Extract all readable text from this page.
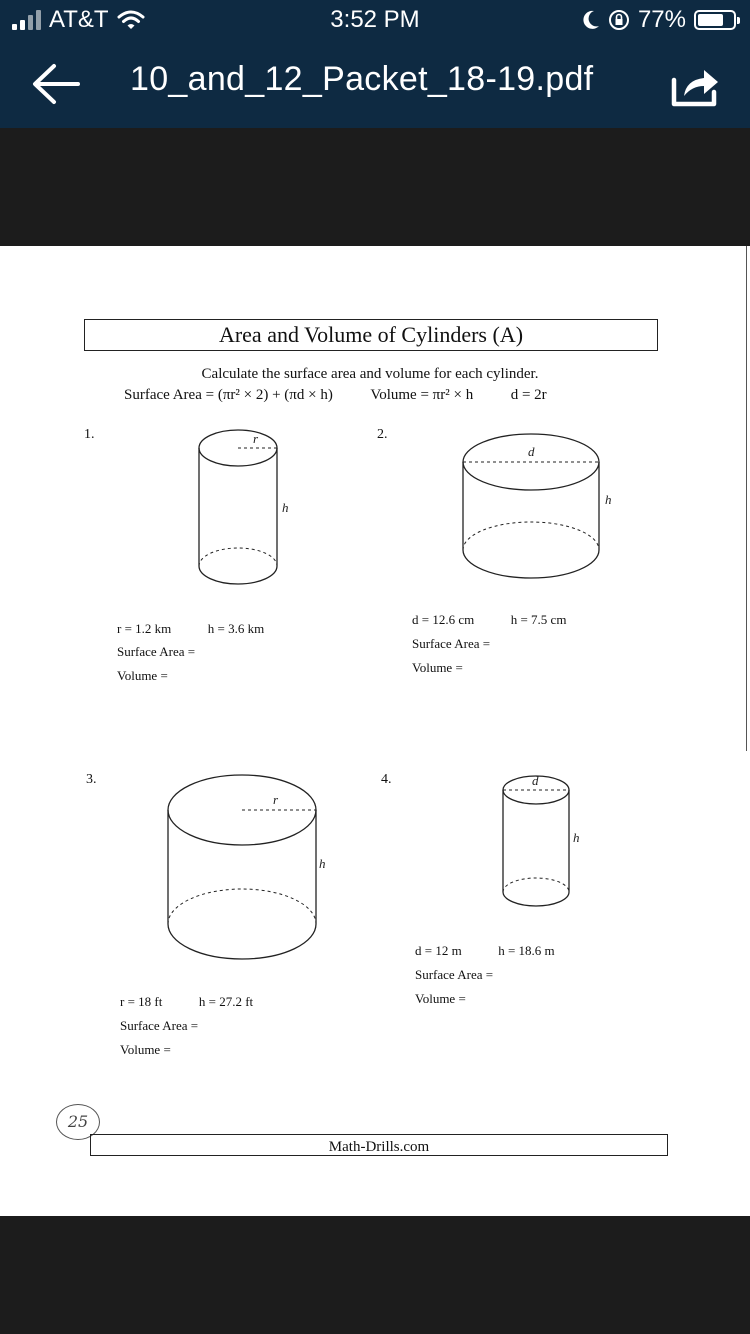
AT&T	3:52 PM	77%
10_and_12_Packet_18-19.pdf
Area and Volume of Cylinders (A)
Calculate the surface area and volume for each cylinder.
Surface Area = (πr² × 2) + (πd × h)	Volume = πr² × h	d = 2r
1.	r
h
r = 1.2 km	h = 3.6 km
Surface Area =
Volume =
2.
d
h
d = 12.6 cm	h = 7.5 cm
Surface Area =
Volume =
3.
r
h
r = 18 ft	h = 27.2 ft
Surface Area =
Volume =
4.	d
h
d = 12 m	h = 18.6 m
Surface Area =
Volume =
25
Math-Drills.com
